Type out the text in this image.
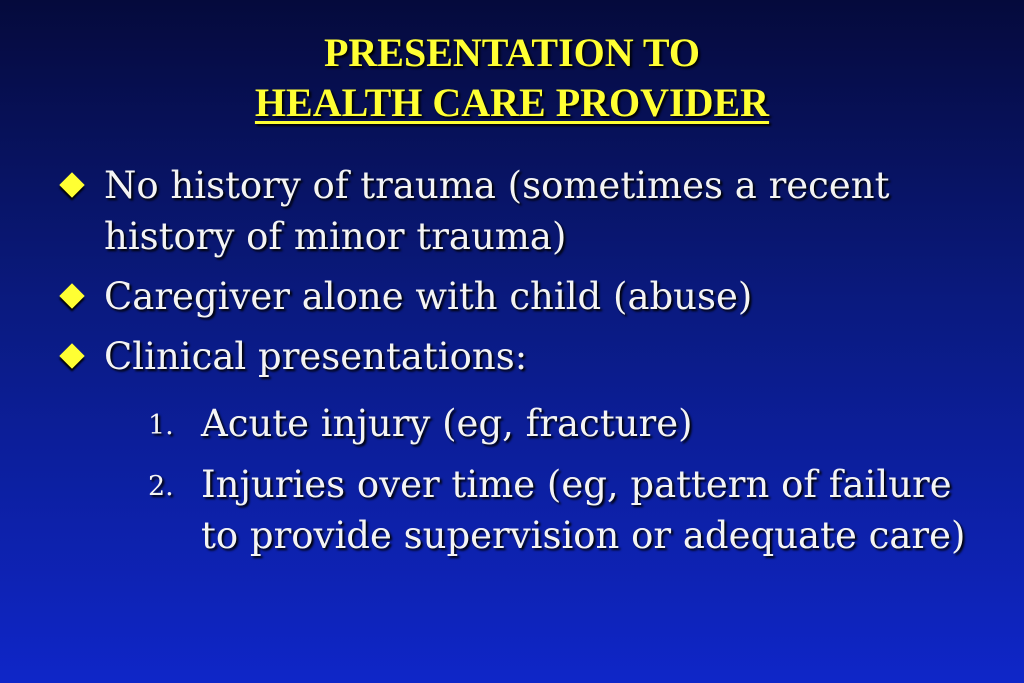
PRESENTATION TO
HEALTH CARE PROVIDER
No history of trauma (sometimes a recent history of minor trauma)
Caregiver alone with child (abuse)
Clinical presentations:
1. Acute injury (eg, fracture)
2. Injuries over time (eg, pattern of failure to provide supervision or adequate care)
